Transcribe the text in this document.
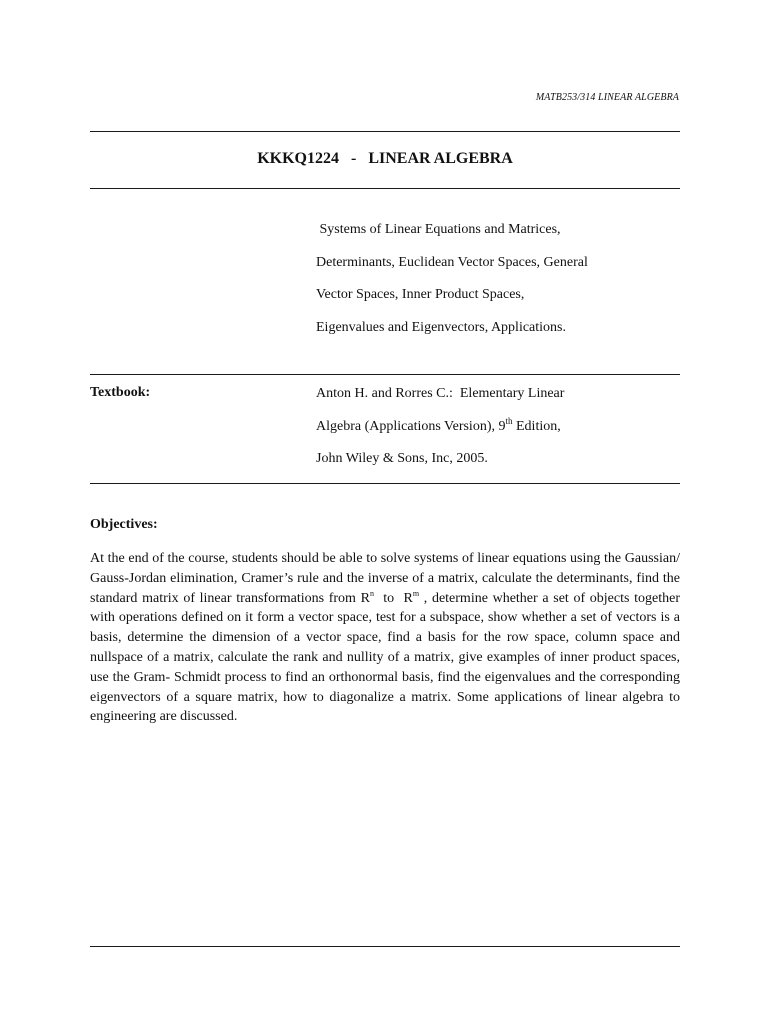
MATB253/314 LINEAR ALGEBRA
KKKQ1224   -   LINEAR ALGEBRA
Systems of Linear Equations and Matrices,
Determinants, Euclidean Vector Spaces, General
Vector Spaces, Inner Product Spaces,
Eigenvalues and Eigenvectors, Applications.
Textbook:	Anton H. and Rorres C.:  Elementary Linear
Algebra (Applications Version), 9th Edition,
John Wiley & Sons, Inc, 2005.
Objectives:

At the end of the course, students should be able to solve systems of linear equations using the Gaussian/ Gauss-Jordan elimination, Cramer’s rule and the inverse of a matrix, calculate the determinants, find the standard matrix of linear transformations from $R^n$  to  $R^m$ , determine whether a set of objects together with operations defined on it form a vector space, test for a subspace, show whether a set of vectors is a basis, determine the dimension of a vector space, find a basis for the row space, column space and nullspace of a matrix, calculate the rank and nullity of a matrix, give examples of inner product spaces, use the Gram- Schmidt process to find an orthonormal basis, find the eigenvalues and the corresponding eigenvectors of a square matrix, how to diagonalize a matrix. Some applications of linear algebra to engineering are discussed.
